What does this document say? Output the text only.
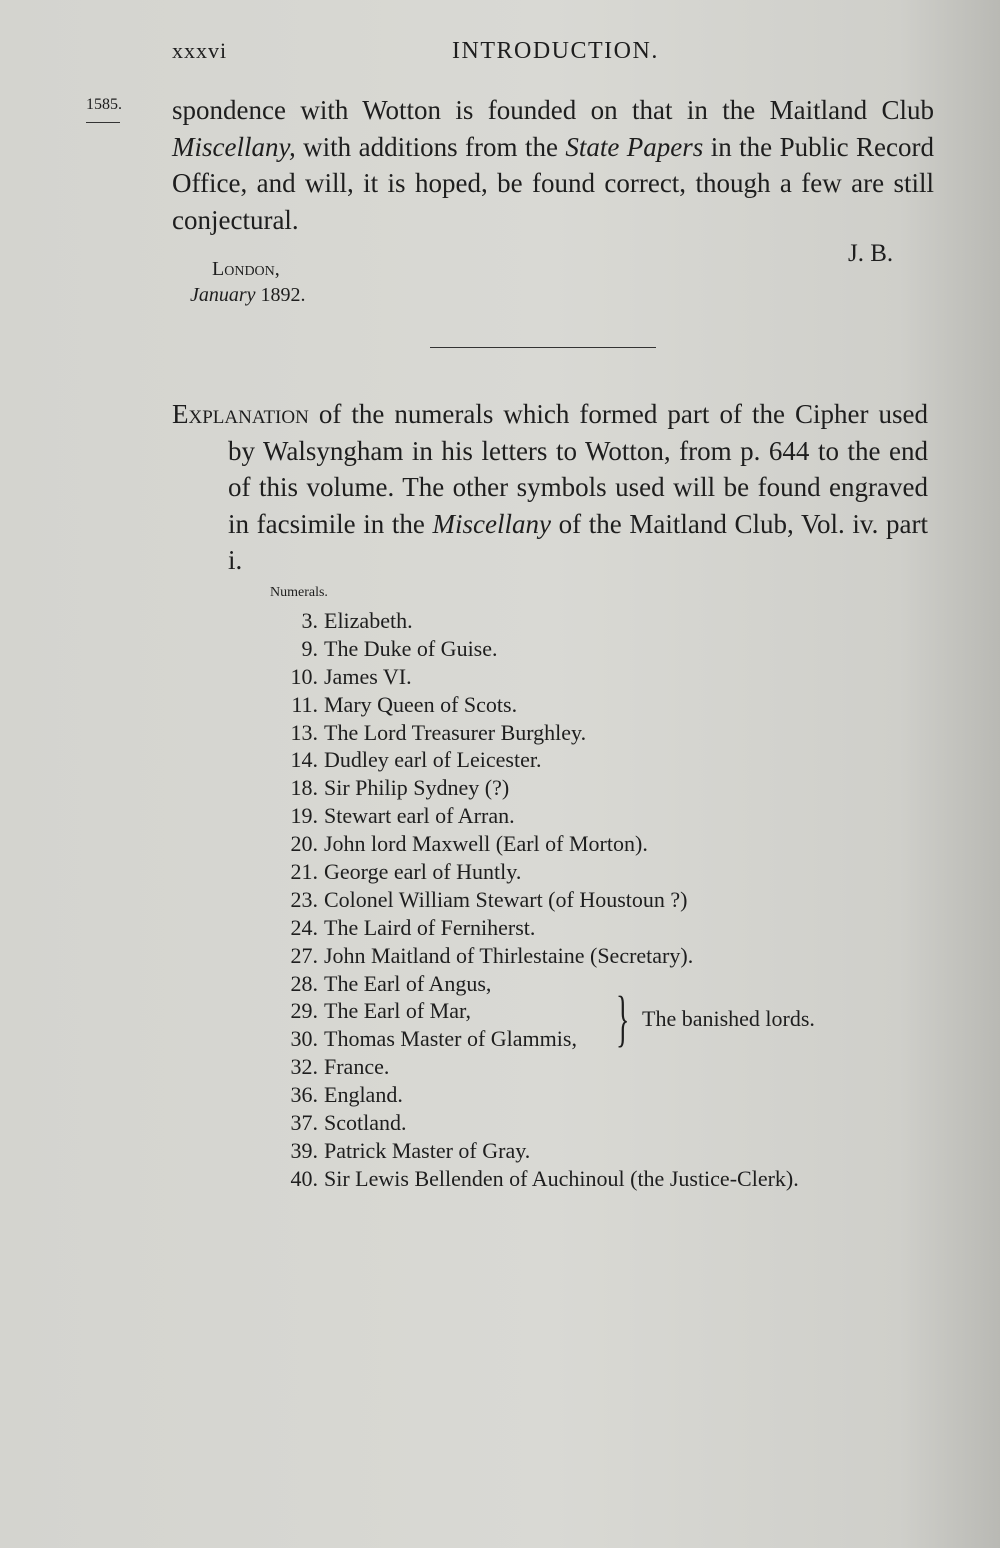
xxxvi	INTRODUCTION.
1585. spondence with Wotton is founded on that in the Maitland Club Miscellany, with additions from the State Papers in the Public Record Office, and will, it is hoped, be found correct, though a few are still conjectural.

J. B.
London,
January 1892.

Explanation of the numerals which formed part of the Cipher used by Walsyngham in his letters to Wotton, from p. 644 to the end of this volume. The other symbols used will be found engraved in facsimile in the Miscellany of the Maitland Club, Vol. iv. part i.

Numerals.
3. Elizabeth.
9. The Duke of Guise.
10. James VI.
11. Mary Queen of Scots.
13. The Lord Treasurer Burghley.
14. Dudley earl of Leicester.
18. Sir Philip Sydney (?)
19. Stewart earl of Arran.
20. John lord Maxwell (Earl of Morton).
21. George earl of Huntly.
23. Colonel William Stewart (of Houstoun ?)
24. The Laird of Ferniherst.
27. John Maitland of Thirlestaine (Secretary).
28. The Earl of Angus,
29. The Earl of Mar,
30. Thomas Master of Glammis,
32. France.
36. England.
37. Scotland.
39. Patrick Master of Gray.
40. Sir Lewis Bellenden of Auchinoul (the Justice-Clerk).
} The banished lords.
